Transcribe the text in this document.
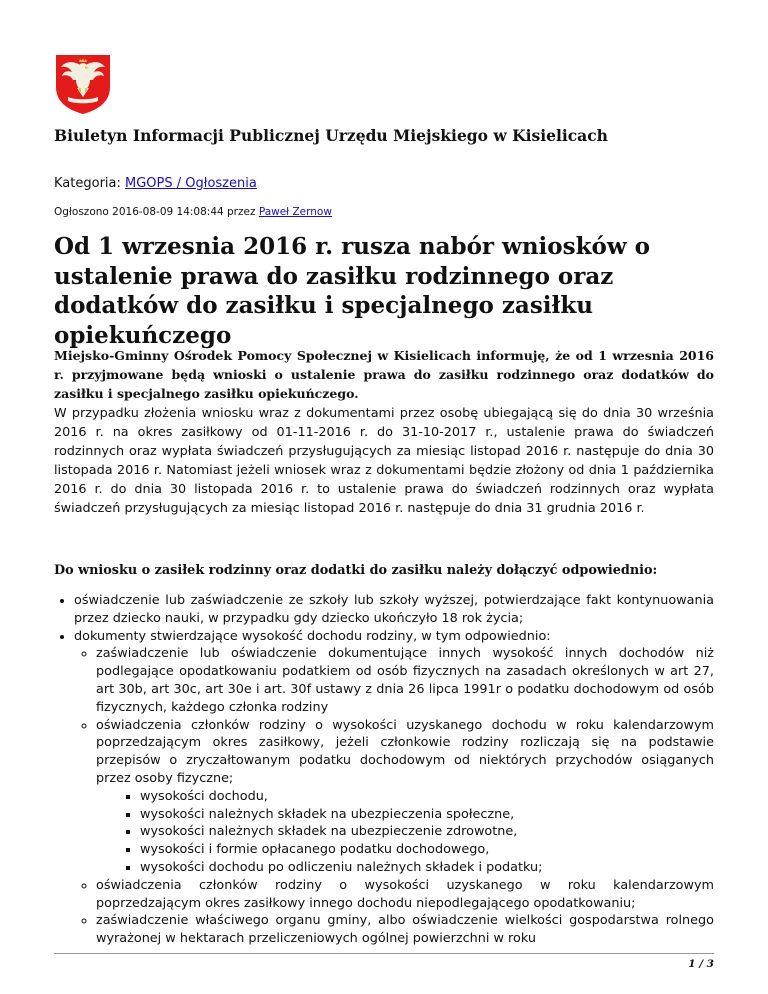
Biuletyn Informacji Publicznej Urzędu Miejskiego w Kisielicach
Kategoria: MGOPS / Ogłoszenia
Ogłoszono 2016-08-09 14:08:44 przez Paweł Zernow
Od 1 wrzesnia 2016 r. rusza nabór wniosków o ustalenie prawa do zasiłku rodzinnego oraz dodatków do zasiłku i specjalnego zasiłku opiekuńczego

Miejsko-Gminny Ośrodek Pomocy Społecznej w Kisielicach informuję, że od 1 wrzesnia 2016 r. przyjmowane będą wnioski o ustalenie prawa do zasiłku rodzinnego oraz dodatków do zasiłku i specjalnego zasiłku opiekuńczego.

W przypadku złożenia wniosku wraz z dokumentami przez osobę ubiegającą się do dnia 30 września 2016 r. na okres zasiłkowy od 01-11-2016 r. do 31-10-2017 r., ustalenie prawa do świadczeń rodzinnych oraz wypłata świadczeń przysługujących za miesiąc listopad 2016 r. następuje do dnia 30 listopada 2016 r. Natomiast jeżeli wniosek wraz z dokumentami będzie złożony od dnia 1 października 2016 r. do dnia 30 listopada 2016 r. to ustalenie prawa do świadczeń rodzinnych oraz wypłata świadczeń przysługujących za miesiąc listopad 2016 r. następuje do dnia 31 grudnia 2016 r.

Do wniosku o zasiłek rodzinny oraz dodatki do zasiłku należy dołączyć odpowiednio:
• oświadczenie lub zaświadczenie ze szkoły lub szkoły wyższej, potwierdzające fakt kontynuowania przez dziecko nauki, w przypadku gdy dziecko ukończyło 18 rok życia;
• dokumenty stwierdzające wysokość dochodu rodziny, w tym odpowiednio:
◦ zaświadczenie lub oświadczenie dokumentujące innych wysokość innych dochodów niż podlegające opodatkowaniu podatkiem od osób fizycznych na zasadach określonych w art 27, art 30b, art 30c, art 30e i art. 30f ustawy z dnia 26 lipca 1991r o podatku dochodowym od osób fizycznych, każdego członka rodziny
◦ oświadczenia członków rodziny o wysokości uzyskanego dochodu w roku kalendarzowym poprzedzającym okres zasiłkowy, jeżeli członkowie rodziny rozliczają się na podstawie przepisów o zryczałtowanym podatku dochodowym od niektórych przychodów osiąganych przez osoby fizyczne;
▪ wysokości dochodu,
▪ wysokości należnych składek na ubezpieczenia społeczne,
▪ wysokości należnych składek na ubezpieczenie zdrowotne,
▪ wysokości i formie opłacanego podatku dochodowego,
▪ wysokości dochodu po odliczeniu należnych składek i podatku;
◦ oświadczenia członków rodziny o wysokości uzyskanego w roku kalendarzowym poprzedzającym okres zasiłkowy innego dochodu niepodlegającego opodatkowaniu;
◦ zaświadczenie właściwego organu gminy, albo oświadczenie wielkości gospodarstwa rolnego wyrażonej w hektarach przeliczeniowych ogólnej powierzchni w roku
1 / 3
